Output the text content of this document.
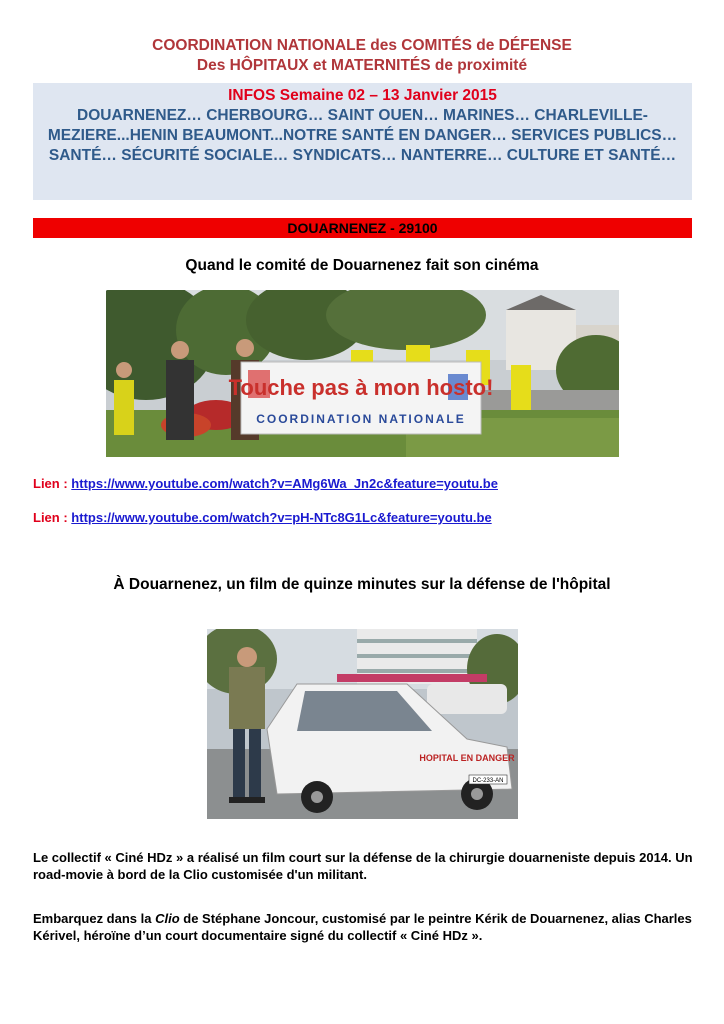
COORDINATION NATIONALE des COMITÉS de DÉFENSE
Des HÔPITAUX et MATERNITÉS de proximité
INFOS Semaine 02 – 13 Janvier 2015
DOUARNENEZ… CHERBOURG… SAINT OUEN… MARINES… CHARLEVILLE-MEZIERE...HENIN BEAUMONT...NOTRE SANTÉ EN DANGER… SERVICES PUBLICS… SANTÉ… SÉCURITÉ SOCIALE… SYNDICATS… NANTERRE… CULTURE ET SANTÉ…
DOUARNENEZ - 29100
Quand le comité de Douarnenez fait son cinéma
Touche pas à mon hosto!
COORDINATION NATIONALE
Lien : https://www.youtube.com/watch?v=AMg6Wa_Jn2c&feature=youtu.be
Lien : https://www.youtube.com/watch?v=pH-NTc8G1Lc&feature=youtu.be
À Douarnenez, un film de quinze minutes sur la défense de l'hôpital
HOPITAL EN DANGER
DC-233-AN
Le collectif « Ciné HDz » a réalisé un film court sur la défense de la chirurgie douarneniste depuis 2014. Un road-movie à bord de la Clio customisée d'un militant.
Embarquez dans la Clio de Stéphane Joncour, customisé par le peintre Kérik de Douarnenez, alias Charles Kérivel, héroïne d’un court documentaire signé du collectif « Ciné HDz ».
